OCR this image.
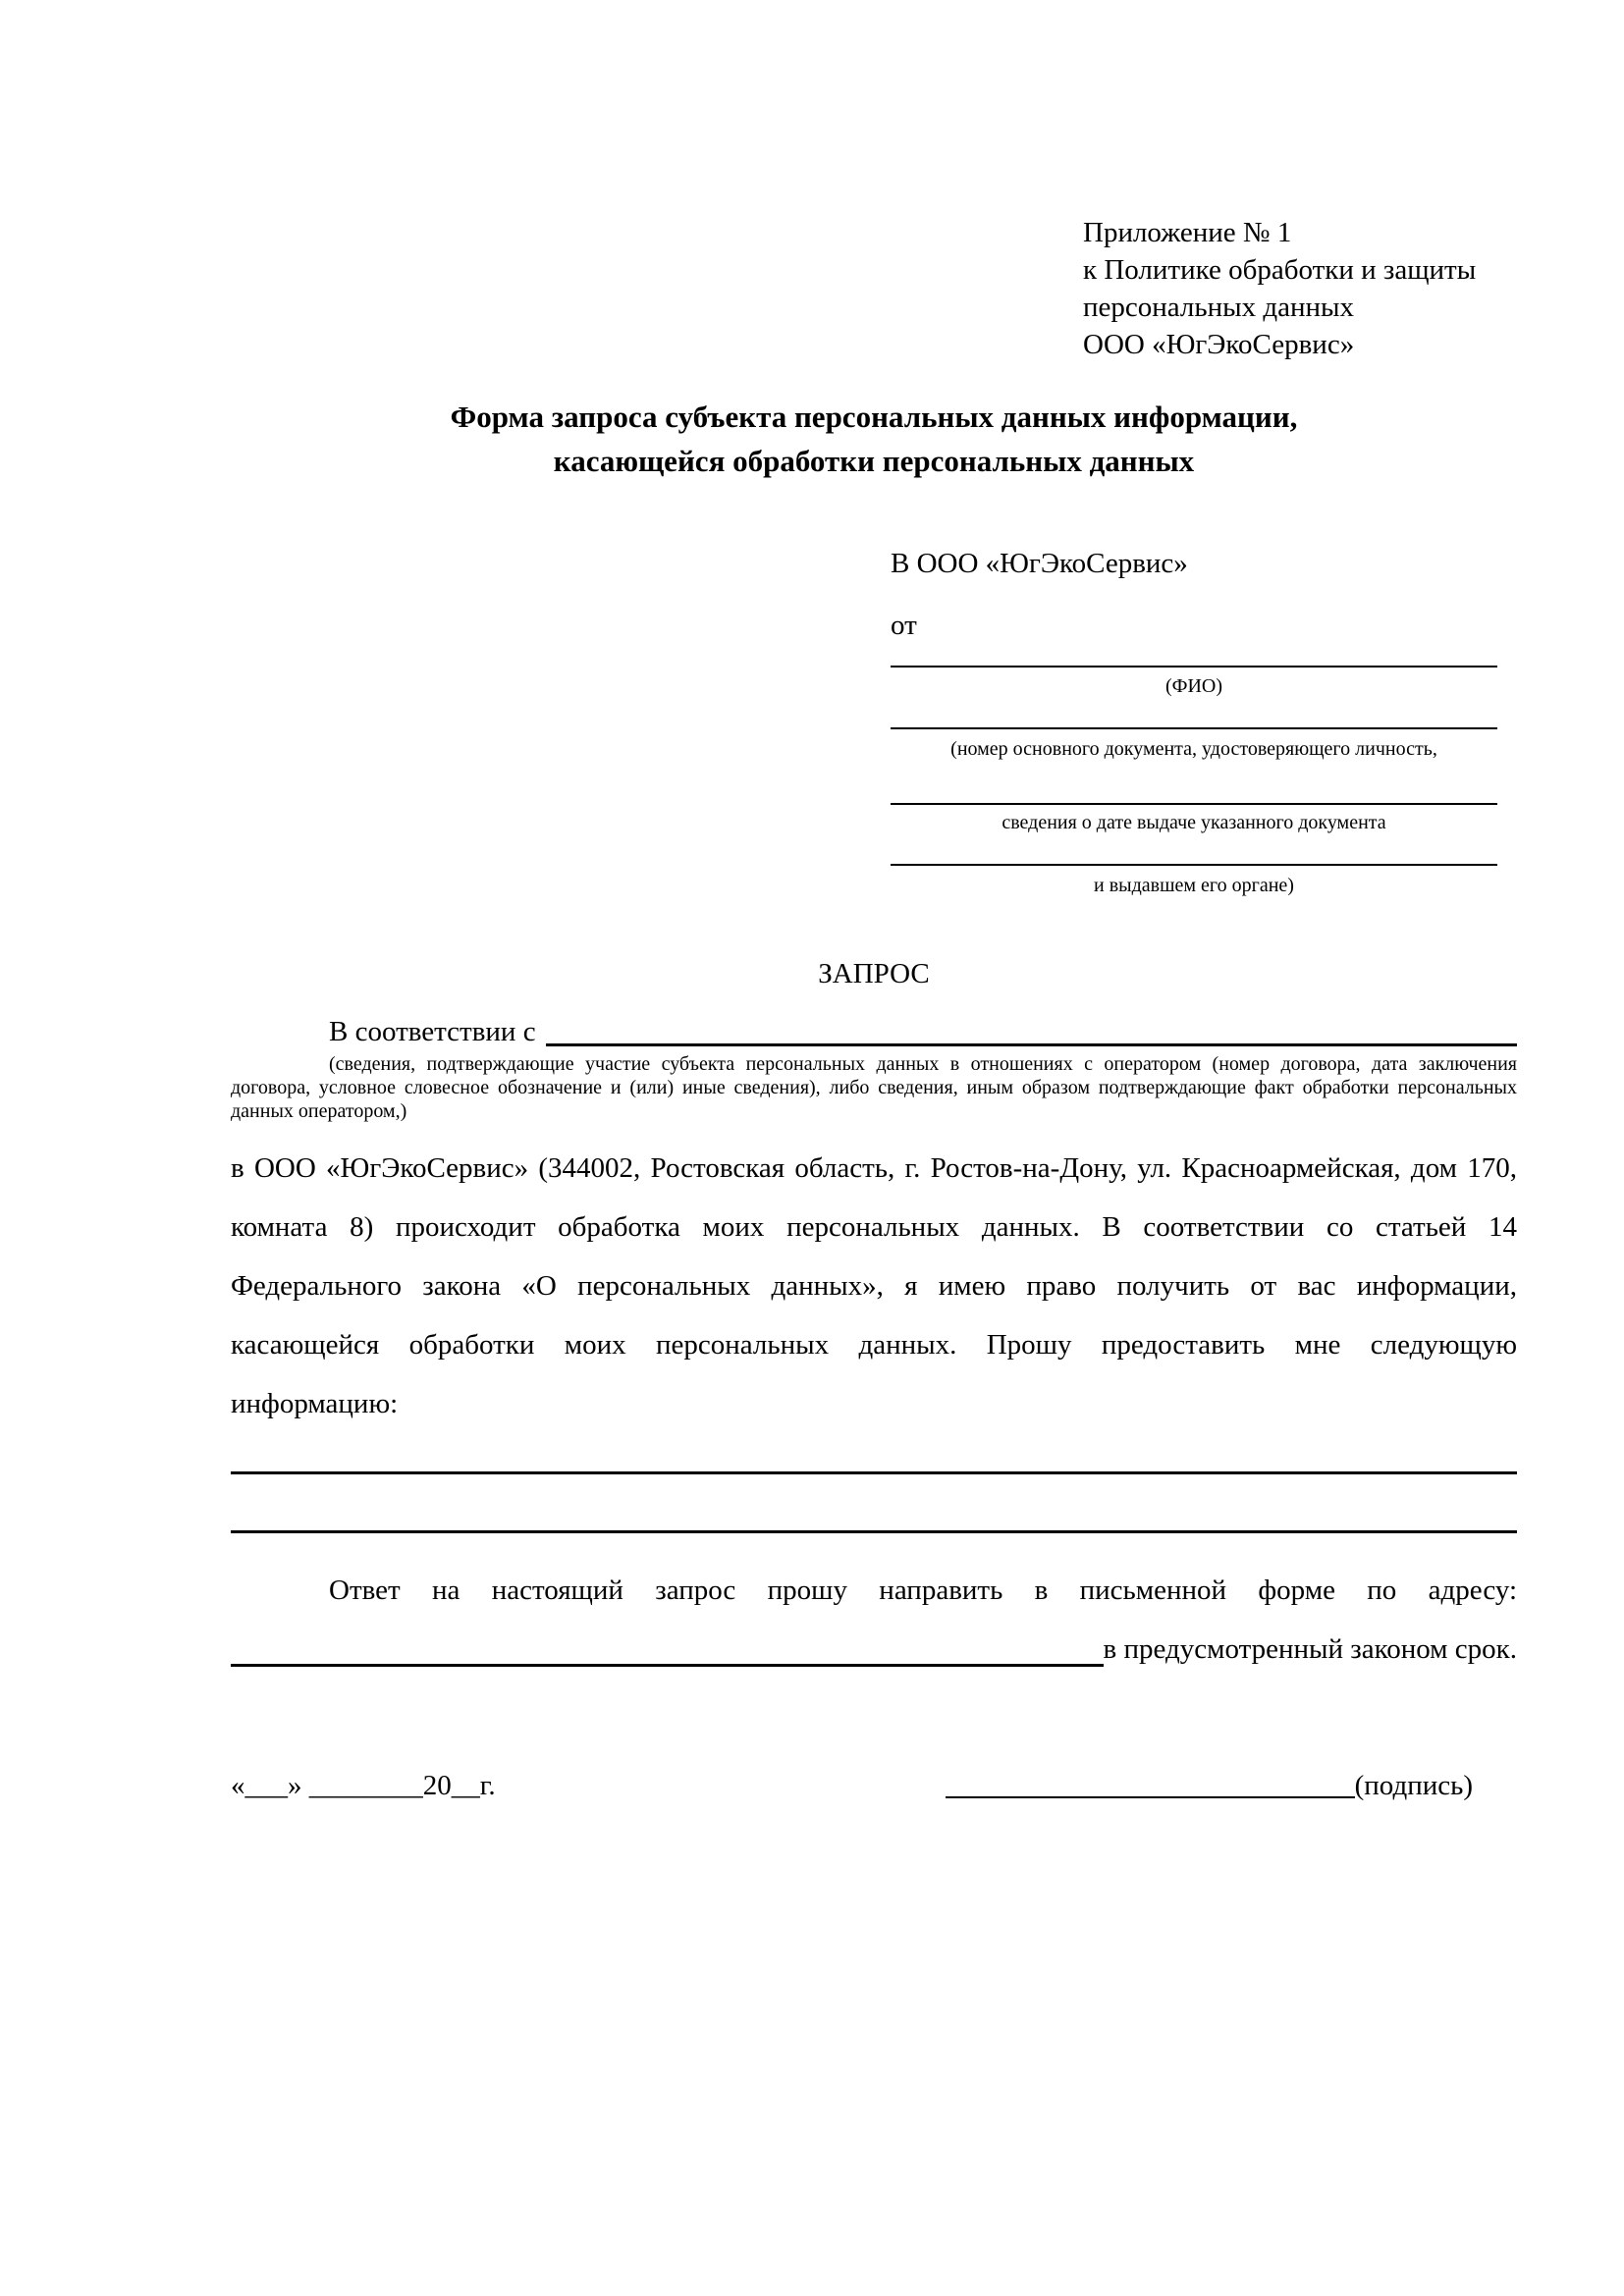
Приложение № 1
к Политике обработки и защиты
персональных данных
ООО «ЮгЭкоСервис»
Форма запроса субъекта персональных данных информации,
касающейся обработки персональных данных
В ООО «ЮгЭкоСервис»
от
(ФИО)
(номер основного документа, удостоверяющего личность,
сведения о дате выдаче указанного документа
и выдавшем его органе)
ЗАПРОС
В соответствии с
(сведения, подтверждающие участие субъекта персональных данных в отношениях с оператором (номер договора, дата заключения договора, условное словесное обозначение и (или) иные сведения), либо сведения, иным образом подтверждающие факт обработки персональных данных оператором,)
в ООО «ЮгЭкоСервис» (344002, Ростовская область, г. Ростов-на-Дону, ул. Красноармейская, дом 170, комната 8) происходит обработка моих персональных данных. В соответствии со статьей 14 Федерального закона «О персональных данных», я имею право получить от вас информации, касающейся обработки моих персональных данных. Прошу предоставить мне следующую информацию:
Ответ на настоящий запрос прошу направить в письменной форме по адресу:
в предусмотренный законом срок.
«___» ________20__г.	(подпись)
